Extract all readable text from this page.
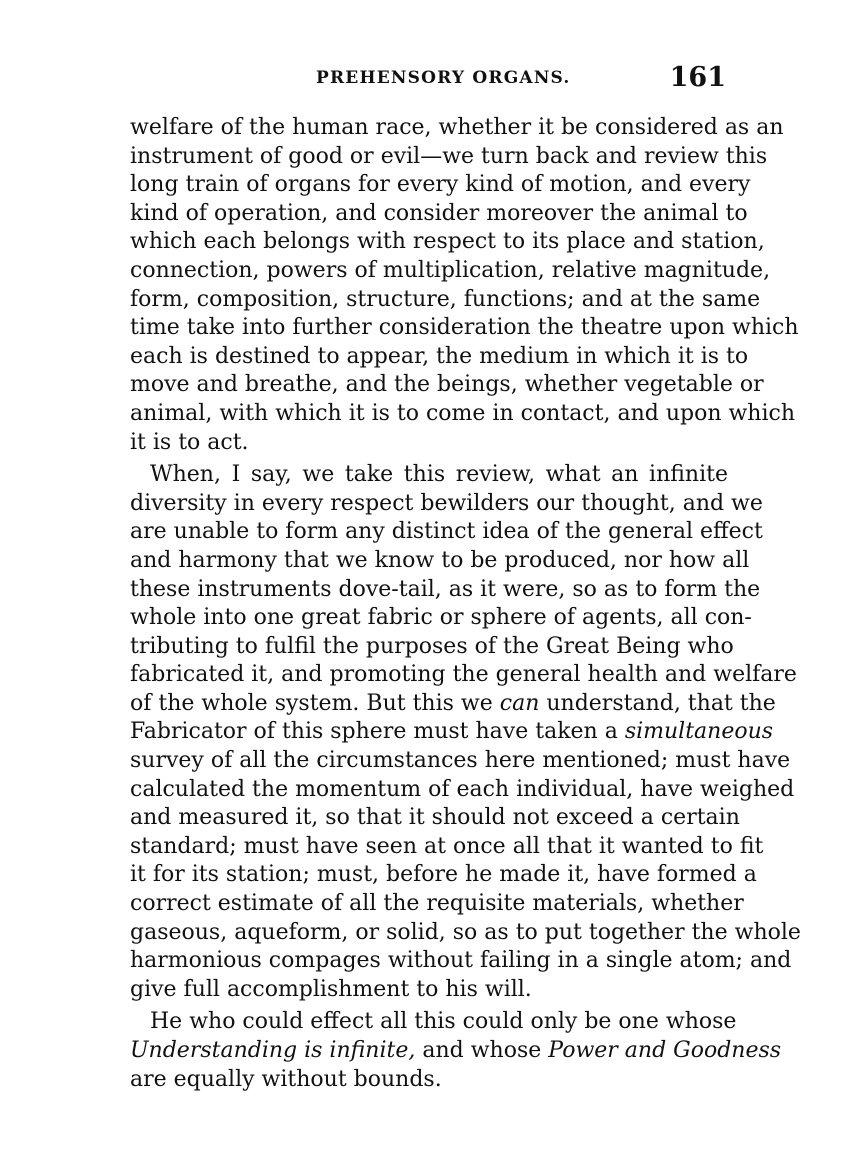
PREHENSORY ORGANS.	161
welfare of the human race, whether it be considered as an
instrument of good or evil—we turn back and review this
long train of organs for every kind of motion, and every
kind of operation, and consider moreover the animal to
which each belongs with respect to its place and station,
connection, powers of multiplication, relative magnitude,
form, composition, structure, functions; and at the same
time take into further consideration the theatre upon which
each is destined to appear, the medium in which it is to
move and breathe, and the beings, whether vegetable or
animal, with which it is to come in contact, and upon which
it is to act.
When, I say, we take this review, what an infinite
diversity in every respect bewilders our thought, and we
are unable to form any distinct idea of the general effect
and harmony that we know to be produced, nor how all
these instruments dove-tail, as it were, so as to form the
whole into one great fabric or sphere of agents, all con-
tributing to fulfil the purposes of the Great Being who
fabricated it, and promoting the general health and welfare
of the whole system. But this we can understand, that the
Fabricator of this sphere must have taken a simultaneous
survey of all the circumstances here mentioned; must have
calculated the momentum of each individual, have weighed
and measured it, so that it should not exceed a certain
standard; must have seen at once all that it wanted to fit
it for its station; must, before he made it, have formed a
correct estimate of all the requisite materials, whether
gaseous, aqueform, or solid, so as to put together the whole
harmonious compages without failing in a single atom; and
give full accomplishment to his will.
He who could effect all this could only be one whose
Understanding is infinite, and whose Power and Goodness
are equally without bounds.
